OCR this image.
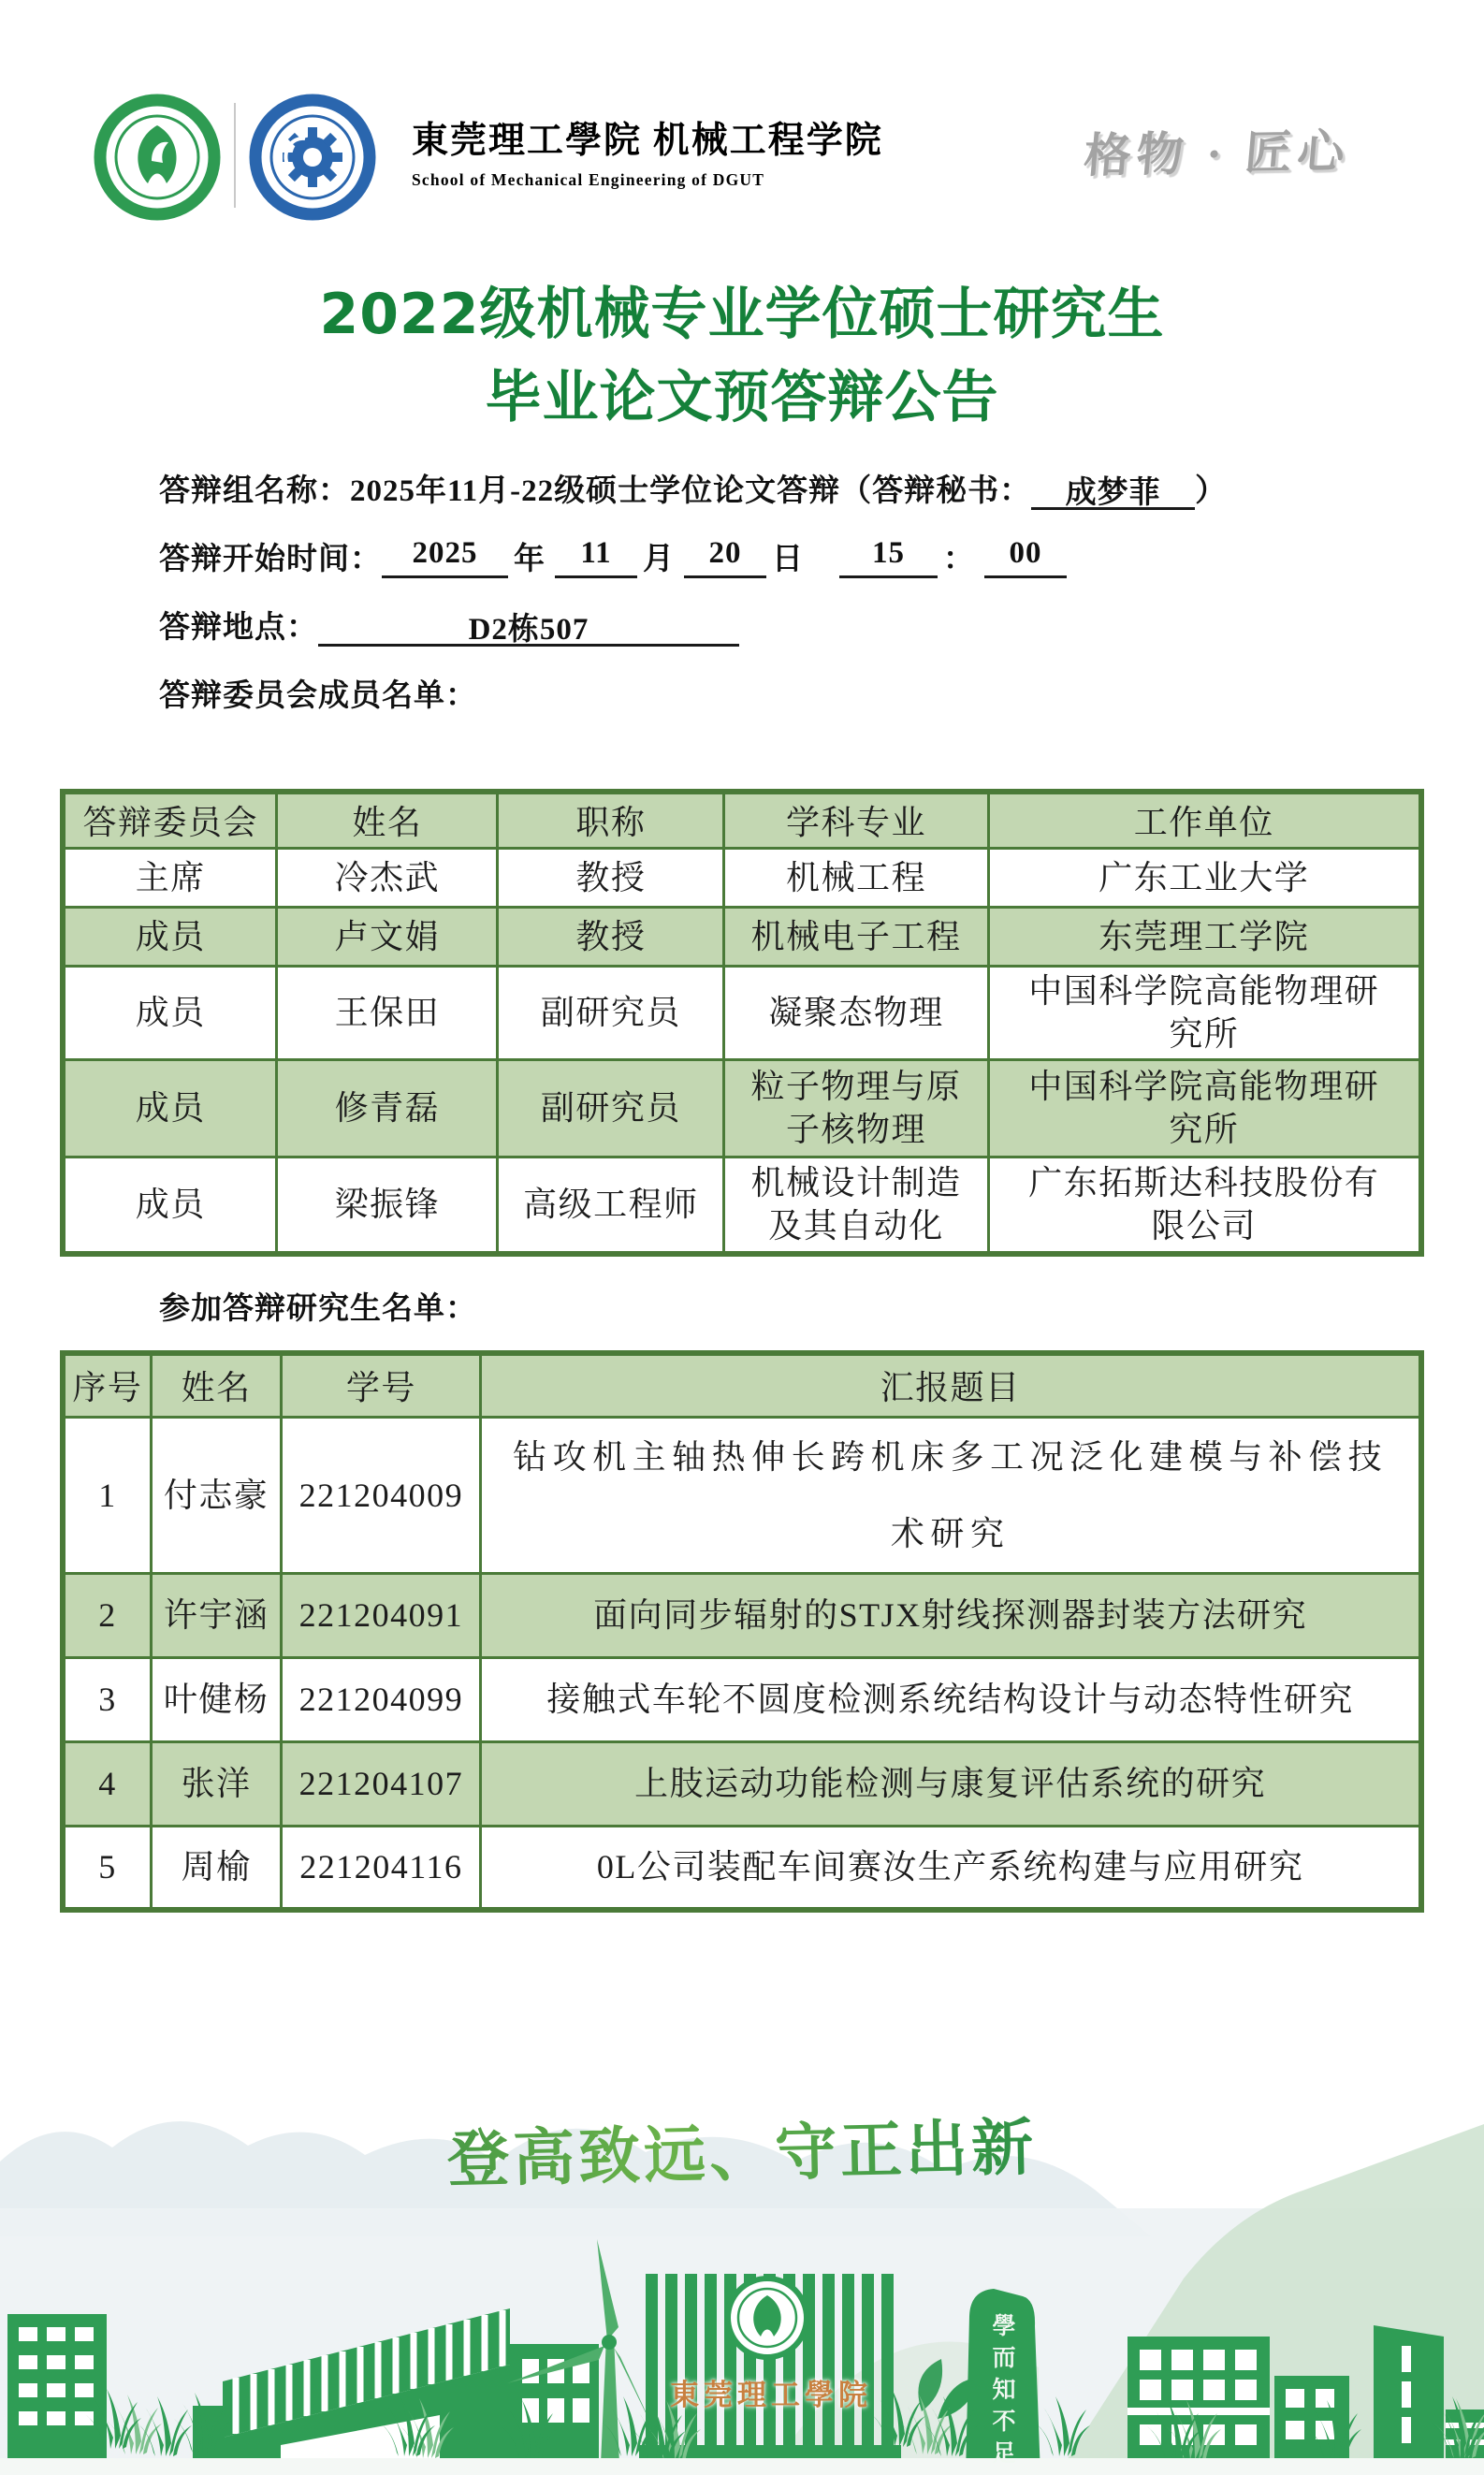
東莞理工學院 机械工程学院
School of Mechanical Engineering of DGUT	格物 · 匠心
2022级机械专业学位硕士研究生
毕业论文预答辩公告
答辩组名称：2025年11月-22级硕士学位论文答辩（答辩秘书： 成梦菲 ）
答辩开始时间： 2025 年 11 月 20 日 15 ： 00
答辩地点：	D2栋507
答辩委员会成员名单：
答辩委员会	姓名	职称	学科专业	工作单位
主席	冷杰武	教授	机械工程	广东工业大学
成员	卢文娟	教授	机械电子工程	东莞理工学院
成员	王保田	副研究员	凝聚态物理	中国科学院高能物理研究所
成员	修青磊	副研究员	粒子物理与原子核物理	中国科学院高能物理研究所
成员	梁振锋	高级工程师	机械设计制造及其自动化	广东拓斯达科技股份有限公司
参加答辩研究生名单：
序号	姓名	学号	汇报题目
1	付志豪	221204009	钻攻机主轴热伸长跨机床多工况泛化建模与补偿技术研究
2	许宇涵	221204091	面向同步辐射的STJX射线探测器封装方法研究
3	叶健杨	221204099	接触式车轮不圆度检测系统结构设计与动态特性研究
4	张洋	221204107	上肢运动功能检测与康复评估系统的研究
5	周榆	221204116	0L公司装配车间赛汝生产系统构建与应用研究
登高致远、守正出新
東莞理工學院	學而知不足
